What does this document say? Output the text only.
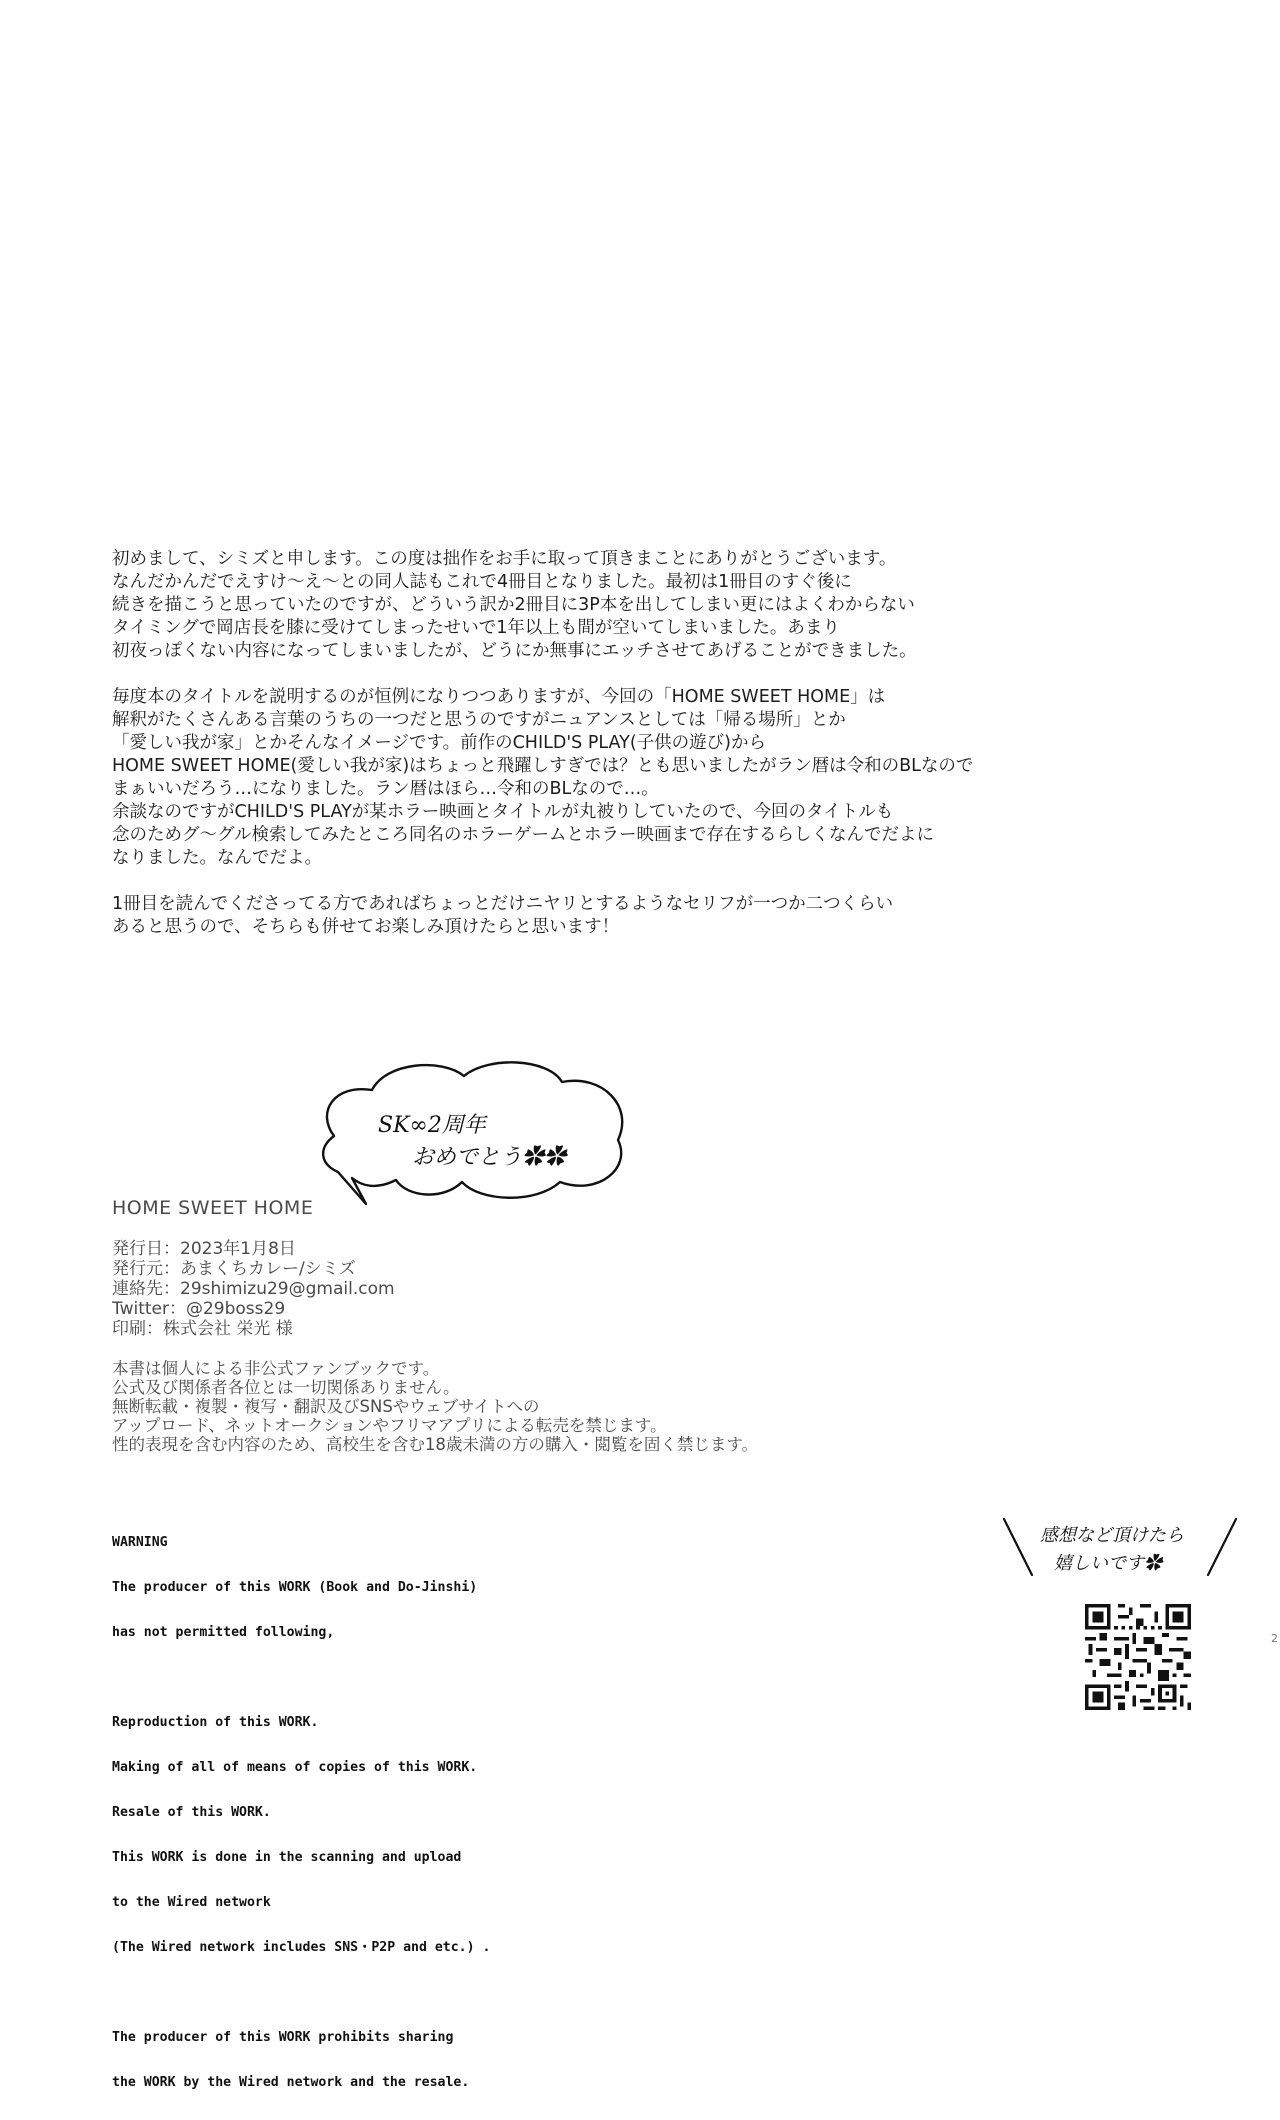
初めまして、シミズと申します。この度は拙作をお手に取って頂きまことにありがとうございます。

なんだかんだでえすけ〜え〜との同人誌もこれで4冊目となりました。最初は1冊目のすぐ後に

続きを描こうと思っていたのですが、どういう訳か2冊目に3P本を出してしまい更にはよくわからない

タイミングで岡店長を膝に受けてしまったせいで1年以上も間が空いてしまいました。あまり

初夜っぽくない内容になってしまいましたが、どうにか無事にエッチさせてあげることができました。

毎度本のタイトルを説明するのが恒例になりつつありますが、今回の「HOME SWEET HOME」は

解釈がたくさんある言葉のうちの一つだと思うのですがニュアンスとしては「帰る場所」とか

「愛しい我が家」とかそんなイメージです。前作のCHILD'S PLAY(子供の遊び)から

HOME SWEET HOME(愛しい我が家)はちょっと飛躍しすぎでは？とも思いましたがラン暦は令和のBLなので

まぁいいだろう…になりました。ラン暦はほら…令和のBLなので…。

余談なのですがCHILD'S PLAYが某ホラー映画とタイトルが丸被りしていたので、今回のタイトルも

念のためグ〜グル検索してみたところ同名のホラーゲームとホラー映画まで存在するらしくなんでだよに

なりました。なんでだよ。

1冊目を読んでくださってる方であればちょっとだけニヤリとするようなセリフが一つか二つくらい

あると思うので、そちらも併せてお楽しみ頂けたらと思います！

SK∞2周年
おめでとう✿✿
HOME SWEET HOME
発行日：2023年1月8日
発行元：あまくちカレー/シミズ
連絡先：29shimizu29@gmail.com
Twitter：@29boss29
印刷：株式会社 栄光 様
本書は個人による非公式ファンブックです。
公式及び関係者各位とは一切関係ありません。
無断転載・複製・複写・翻訳及びSNSやウェブサイトへの
アップロード、ネットオークションやフリマアプリによる転売を禁じます。
性的表現を含む内容のため、高校生を含む18歳未満の方の購入・閲覧を固く禁じます。

WARNING

The producer of this WORK (Book and Do-Jinshi)

has not permitted following,

Reproduction of this WORK.

Making of all of means of copies of this WORK.

Resale of this WORK.

This WORK is done in the scanning and upload

to the Wired network

(The Wired network includes SNS・P2P and etc.) .

The producer of this WORK prohibits sharing

the WORK by the Wired network and the resale.

感想など頂けたら
嬉しいです✿
2
